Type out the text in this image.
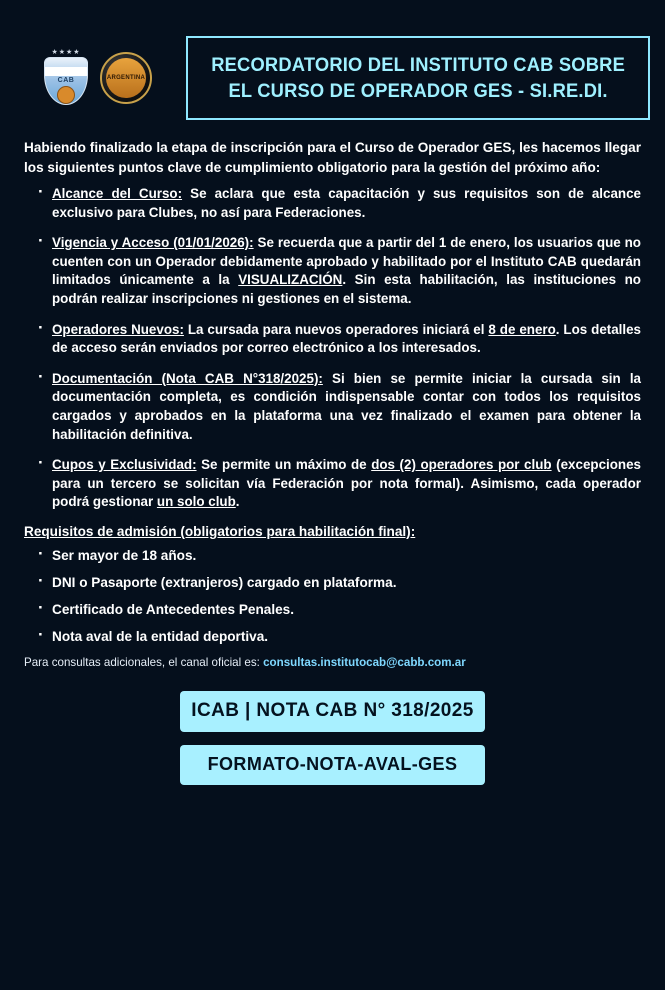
★★★★
CAB	ARGENTINA
RECORDATORIO DEL INSTITUTO CAB SOBRE
EL CURSO DE OPERADOR GES - SI.RE.DI.
Habiendo finalizado la etapa de inscripción para el Curso de Operador GES, les hacemos llegar los siguientes puntos clave de cumplimiento obligatorio para la gestión del próximo año:
· Alcance del Curso: Se aclara que esta capacitación y sus requisitos son de alcance exclusivo para Clubes, no así para Federaciones.
· Vigencia y Acceso (01/01/2026): Se recuerda que a partir del 1 de enero, los usuarios que no cuenten con un Operador debidamente aprobado y habilitado por el Instituto CAB quedarán limitados únicamente a la VISUALIZACIÓN. Sin esta habilitación, las instituciones no podrán realizar inscripciones ni gestiones en el sistema.
· Operadores Nuevos: La cursada para nuevos operadores iniciará el 8 de enero. Los detalles de acceso serán enviados por correo electrónico a los interesados.
· Documentación (Nota CAB N°318/2025): Si bien se permite iniciar la cursada sin la documentación completa, es condición indispensable contar con todos los requisitos cargados y aprobados en la plataforma una vez finalizado el examen para obtener la habilitación definitiva.
· Cupos y Exclusividad: Se permite un máximo de dos (2) operadores por club (excepciones para un tercero se solicitan vía Federación por nota formal). Asimismo, cada operador podrá gestionar un solo club.
Requisitos de admisión (obligatorios para habilitación final):
· Ser mayor de 18 años.
· DNI o Pasaporte (extranjeros) cargado en plataforma.
· Certificado de Antecedentes Penales.
· Nota aval de la entidad deportiva.
Para consultas adicionales, el canal oficial es: consultas.institutocab@cabb.com.ar
ICAB | NOTA CAB N° 318/2025
FORMATO-NOTA-AVAL-GES
